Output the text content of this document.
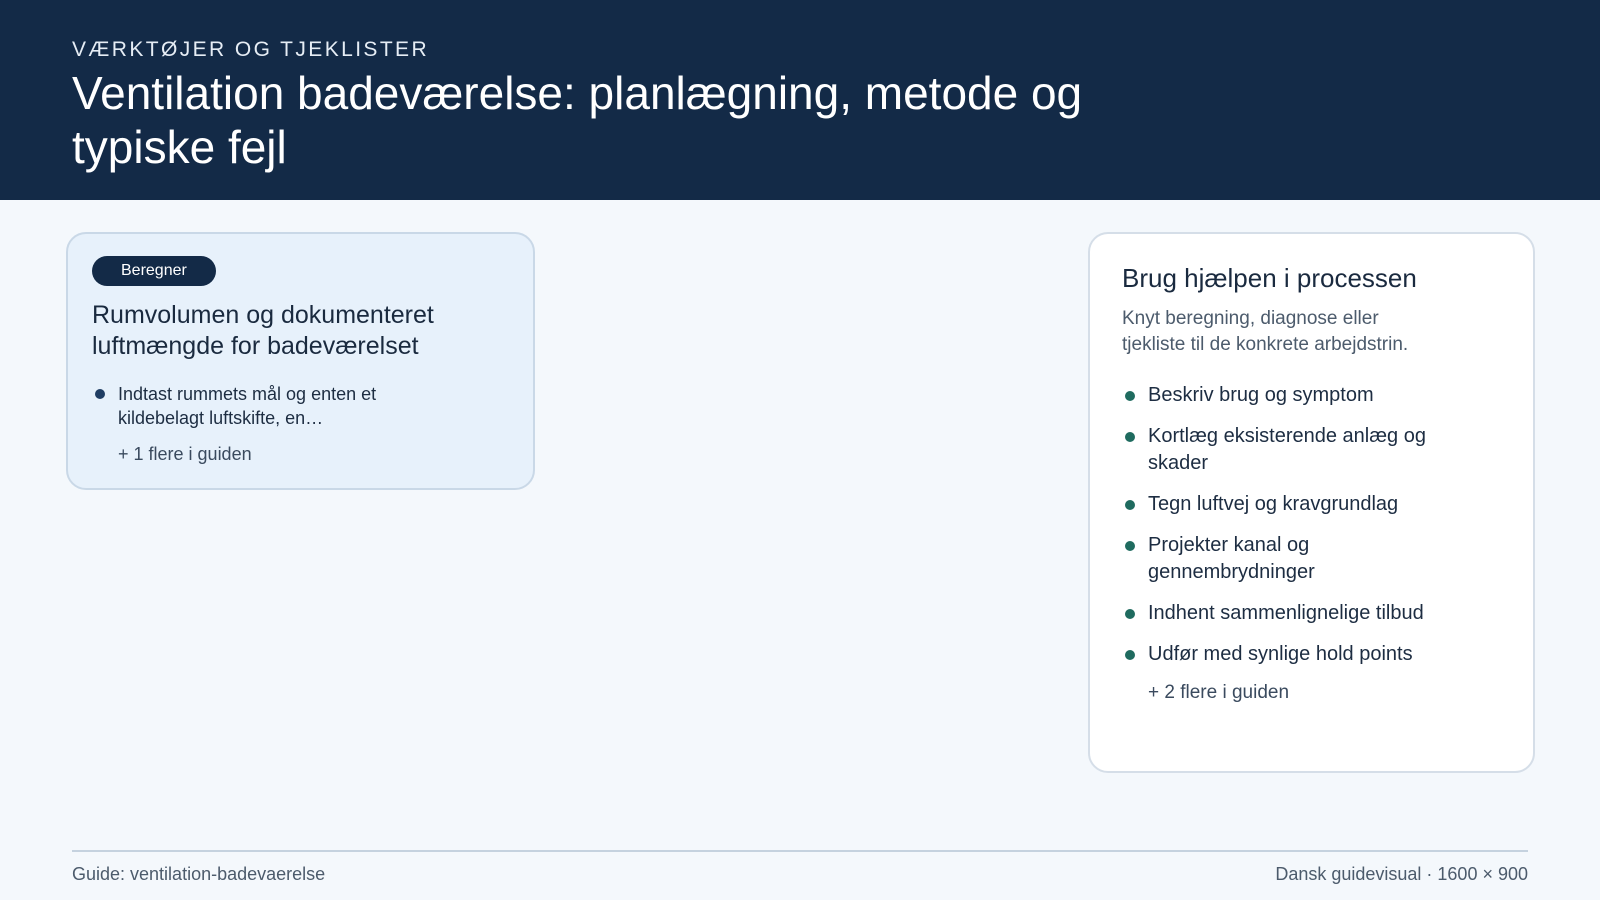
VÆRKTØJER OG TJEKLISTER
Ventilation badeværelse: planlægning, metode og typiske fejl
Beregner
Rumvolumen og dokumenteret luftmængde for badeværelset
Indtast rummets mål og enten et kildebelagt luftskifte, en…
+ 1 flere i guiden
Brug hjælpen i processen
Knyt beregning, diagnose eller tjekliste til de konkrete arbejdstrin.
Beskriv brug og symptom
Kortlæg eksisterende anlæg og skader
Tegn luftvej og kravgrundlag
Projekter kanal og gennembrydninger
Indhent sammenlignelige tilbud
Udfør med synlige hold points
+ 2 flere i guiden
Guide: ventilation-badevaerelse	Dansk guidevisual · 1600 × 900
